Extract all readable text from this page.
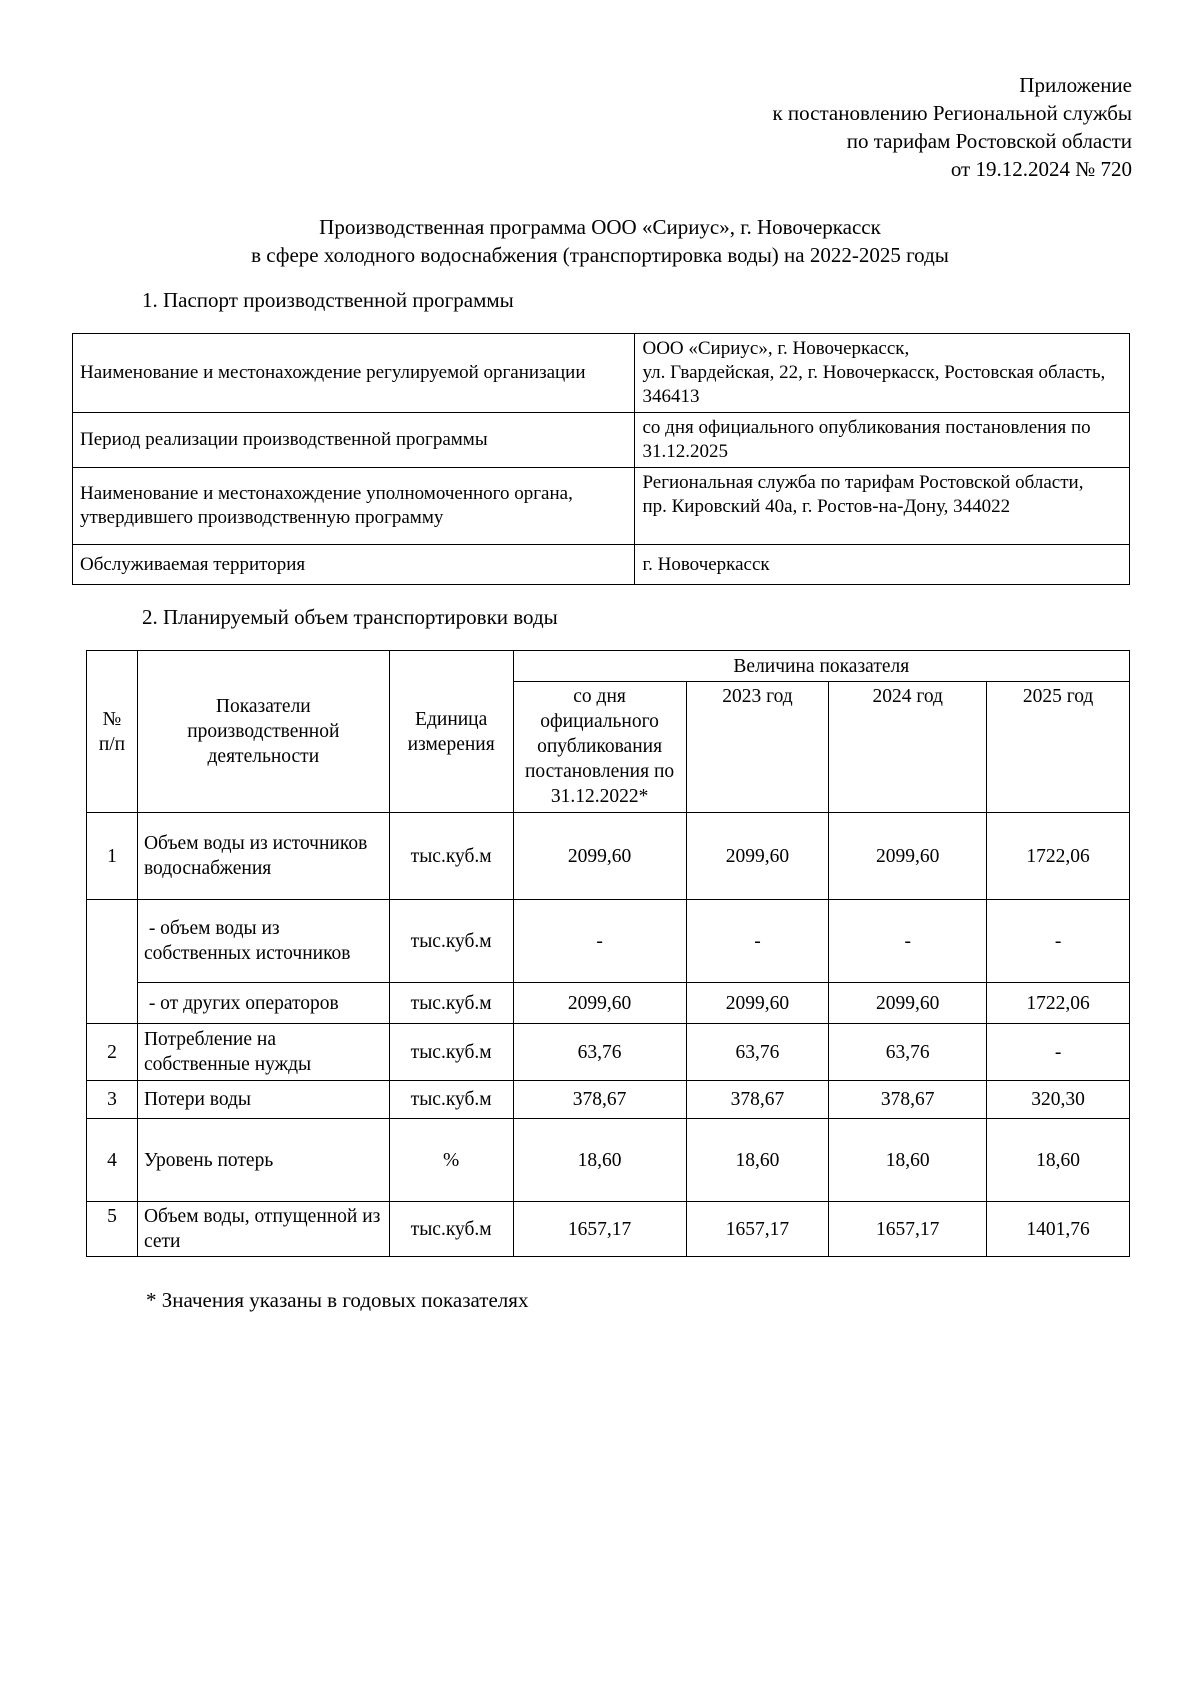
Приложение
к постановлению Региональной службы
по тарифам Ростовской области
от 19.12.2024 № 720
Производственная программа ООО «Сириус», г. Новочеркасск
в сфере холодного водоснабжения (транспортировка воды) на 2022-2025 годы
1. Паспорт производственной программы
Наименование и местонахождение регулируемой организации	ООО «Сириус», г. Новочеркасск,
ул. Гвардейская, 22, г. Новочеркасск, Ростовская область, 346413

Период реализации производственной программы	со дня официального опубликования постановления по 31.12.2025

Наименование и местонахождение уполномоченного органа, утвердившего производственную программу	Региональная служба по тарифам Ростовской области,
пр. Кировский 40а, г. Ростов-на-Дону, 344022

Обслуживаемая территория	г. Новочеркасск
2. Планируемый объем транспортировки воды
№ п/п	Показатели производственной деятельности	Единица измерения	Величина показателя			
			со дня официального опубликования постановления по 31.12.2022*	2023 год	2024 год	2025 год
1	Объем воды из источников водоснабжения	тыс.куб.м	2099,60	2099,60	2099,60	1722,06
	- объем воды из собственных источников	тыс.куб.м	-	-	-	-
	- от других операторов	тыс.куб.м	2099,60	2099,60	2099,60	1722,06
2	Потребление на собственные нужды	тыс.куб.м	63,76	63,76	63,76	-
3	Потери воды	тыс.куб.м	378,67	378,67	378,67	320,30
4	Уровень потерь	%	18,60	18,60	18,60	18,60
5	Объем воды, отпущенной из сети	тыс.куб.м	1657,17	1657,17	1657,17	1401,76
* Значения указаны в годовых показателях
